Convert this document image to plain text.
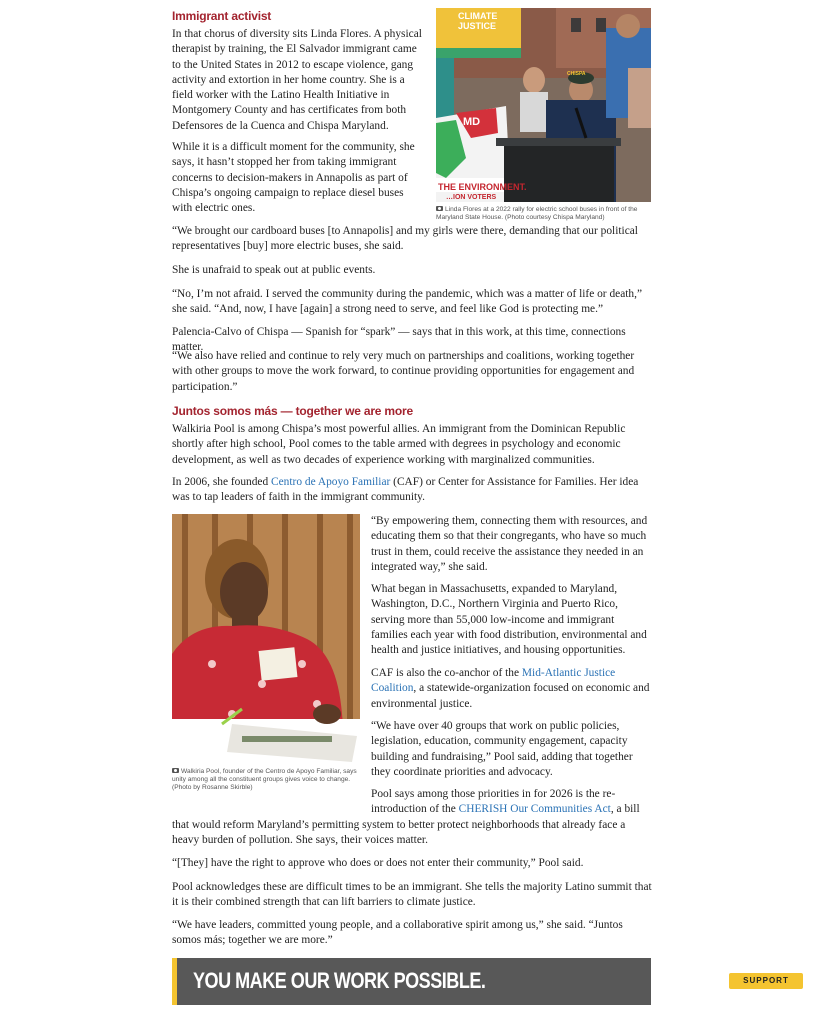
Immigrant activist

In that chorus of diversity sits Linda Flores. A physical therapist by training, the El Salvador immigrant came to the United States in 2012 to escape violence, gang activity and extortion in her home country. She is a field worker with the Latino Health Initiative in Montgomery County and has certificates from both Defensores de la Cuenca and Chispa Maryland.

While it is a difficult moment for the community, she says, it hasn’t stopped her from taking immigrant concerns to decision-makers in Annapolis as part of Chispa’s ongoing campaign to replace diesel buses with electric ones.

CLIMATE JUSTICE
MD
THE ENVIRONMENT.
…ION VOTERS
CHISPA
Linda Flores at a 2022 rally for electric school buses in front of the Maryland State House. (Photo courtesy Chispa Maryland)

“We brought our cardboard buses [to Annapolis] and my girls were there, demanding that our political representatives [buy] more electric buses, she said.

She is unafraid to speak out at public events.

“No, I’m not afraid. I served the community during the pandemic, which was a matter of life or death,” she said. “And, now, I have [again] a strong need to serve, and feel like God is protecting me.”

Palencia-Calvo of Chispa — Spanish for “spark” — says that in this work, at this time, connections matter.

“We also have relied and continue to rely very much on partnerships and coalitions, working together with other groups to move the work forward, to continue providing opportunities for engagement and participation.”

Juntos somos más — together we are more

Walkiria Pool is among Chispa’s most powerful allies. An immigrant from the Dominican Republic shortly after high school, Pool comes to the table armed with degrees in psychology and economic development, as well as two decades of experience working with marginalized communities.

In 2006, she founded Centro de Apoyo Familiar (CAF) or Center for Assistance for Families. Her idea was to tap leaders of faith in the immigrant community.

Walkiria Pool, founder of the Centro de Apoyo Familiar, says unity among all the constituent groups gives voice to change. (Photo by Rosanne Skirble)

“By empowering them, connecting them with resources, and educating them so that their congregants, who have so much trust in them, could receive the assistance they needed in an integrated way,” she said.

What began in Massachusetts, expanded to Maryland, Washington, D.C., Northern Virginia and Puerto Rico, serving more than 55,000 low-income and immigrant families each year with food distribution, environmental and health and justice initiatives, and housing opportunities.

CAF is also the co-anchor of the Mid-Atlantic Justice Coalition, a statewide-organization focused on economic and environmental justice.

“We have over 40 groups that work on public policies, legislation, education, community engagement, capacity building and fundraising,” Pool said, adding that together they coordinate priorities and advocacy.

Pool says among those priorities in for 2026 is the re-introduction of the CHERISH Our Communities Act, a bill that would reform Maryland’s permitting system to better protect neighborhoods that already face a heavy burden of pollution. She says, their voices matter.

“[They] have the right to approve who does or does not enter their community,” Pool said.

Pool acknowledges these are difficult times to be an immigrant. She tells the majority Latino summit that it is their combined strength that can lift barriers to climate justice.

“We have leaders, committed young people, and a collaborative spirit among us,” she said. “Juntos somos más; together we are more.”

YOU MAKE OUR WORK POSSIBLE.	SUPPORT
